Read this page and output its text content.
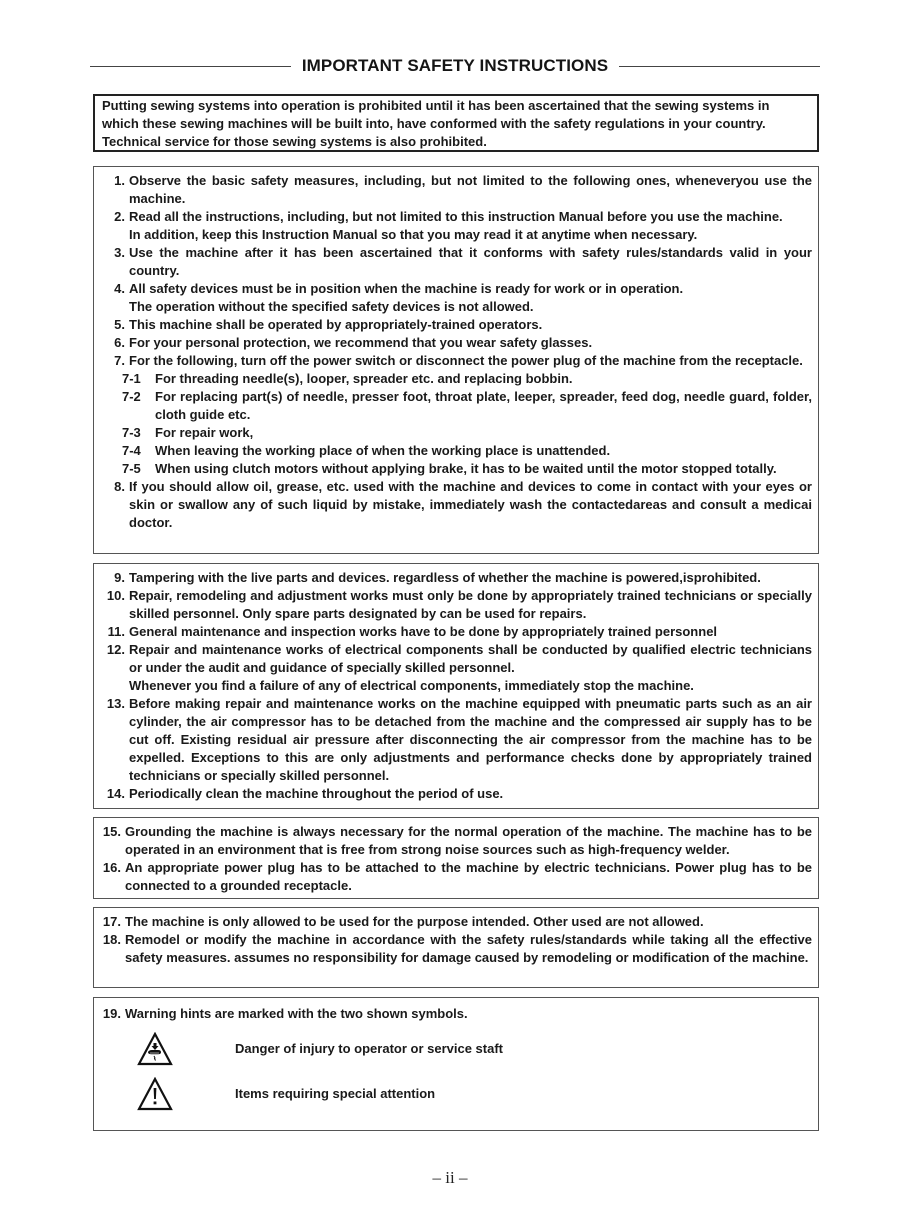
IMPORTANT SAFETY INSTRUCTIONS

Putting sewing systems into operation is prohibited until it has been ascertained that the sewing systems in

which these sewing machines will be built into, have conformed with the safety regulations in your country.

Technical service for those sewing systems is also prohibited.

1. Observe the basic safety measures, including, but not limited to the following ones, wheneveryou use the machine.
2. Read all the instructions, including, but not limited to this instruction Manual before you use the machine.
In addition, keep this Instruction Manual so that you may read it at anytime when necessary.
3. Use the machine after it has been ascertained that it conforms with safety rules/standards valid in your country.
4. All safety devices must be in position when the machine is ready for work or in operation.
The operation without the specified safety devices is not allowed.
5. This machine shall be operated by appropriately-trained operators.
6. For your personal protection, we recommend that you wear safety glasses.
7. For the following, turn off the power switch or disconnect the power plug of the machine from the receptacle.
7-1	For threading needle(s), looper, spreader etc. and replacing bobbin.
7-2	For replacing part(s) of needle, presser foot, throat plate, leeper, spreader, feed dog, needle guard, folder, cloth guide etc.
7-3	For repair work,
7-4	When leaving the working place of when the working place is unattended.
7-5	When using clutch motors without applying brake, it has to be waited until the motor stopped totally.
8. If you should allow oil, grease, etc. used with the machine and devices to come in contact with your eyes or skin or swallow any of such liquid by mistake, immediately wash the contactedareas and consult a medicai doctor.
9. Tampering with the live parts and devices. regardless of whether the machine is powered,isprohibited.
10. Repair, remodeling and adjustment works must only be done by appropriately trained technicians or specially skilled personnel. Only spare parts designated by can be used for repairs.
11. General maintenance and inspection works have to be done by appropriately trained personnel
12. Repair and maintenance works of electrical components shall be conducted by qualified electric technicians or under the audit and guidance of specially skilled personnel.
Whenever you find a failure of any of electrical components, immediately stop the machine.
13. Before making repair and maintenance works on the machine equipped with pneumatic parts such as an air cylinder, the air compressor has to be detached from the machine and the compressed air supply has to be cut off. Existing residual air pressure after disconnecting the air compressor from the machine has to be expelled. Exceptions to this are only adjustments and performance checks done by appropriately trained technicians or specially skilled personnel.
14. Periodically clean the machine throughout the period of use.
15. Grounding the machine is always necessary for the normal operation of the machine. The machine has to be operated in an environment that is free from strong noise sources such as high-frequency welder.
16. An appropriate power plug has to be attached to the machine by electric technicians. Power plug has to be connected to a grounded receptacle.
17. The machine is only allowed to be used for the purpose intended. Other used are not allowed.
18. Remodel or modify the machine in accordance with the safety rules/standards while taking all the effective safety measures. assumes no responsibility for damage caused by remodeling or modification of the machine.
19. Warning hints are marked with the two shown symbols.
Danger of injury to operator or service staft
Items requiring special attention
– ii –
